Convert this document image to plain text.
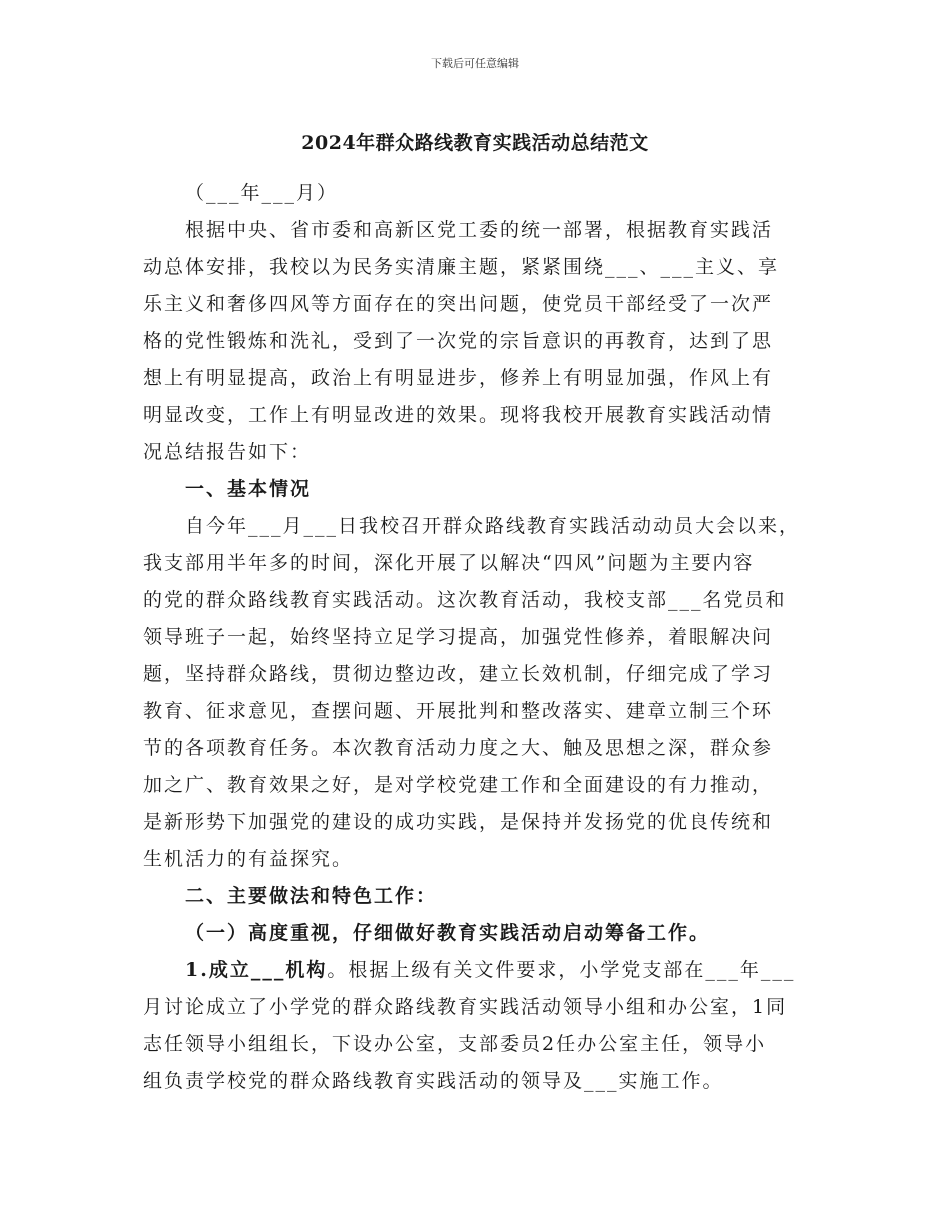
下载后可任意编辑
2024年群众路线教育实践活动总结范文
（___年___月）
根据中央、省市委和高新区党工委的统一部署，根据教育实践活
动总体安排，我校以为民务实清廉主题，紧紧围绕___、___主义、享
乐主义和奢侈四风等方面存在的突出问题，使党员干部经受了一次严
格的党性锻炼和洗礼，受到了一次党的宗旨意识的再教育，达到了思
想上有明显提高，政治上有明显进步，修养上有明显加强，作风上有
明显改变，工作上有明显改进的效果。现将我校开展教育实践活动情
况总结报告如下：
一、基本情况
自今年___月___日我校召开群众路线教育实践活动动员大会以来，
我支部用半年多的时间，深化开展了以解决“四风”问题为主要内容
的党的群众路线教育实践活动。这次教育活动，我校支部___名党员和
领导班子一起，始终坚持立足学习提高，加强党性修养，着眼解决问
题，坚持群众路线，贯彻边整边改，建立长效机制，仔细完成了学习
教育、征求意见，查摆问题、开展批判和整改落实、建章立制三个环
节的各项教育任务。本次教育活动力度之大、触及思想之深，群众参
加之广、教育效果之好，是对学校党建工作和全面建设的有力推动，
是新形势下加强党的建设的成功实践，是保持并发扬党的优良传统和
生机活力的有益探究。
二、主要做法和特色工作：
（一）高度重视，仔细做好教育实践活动启动筹备工作。
1.成立___机构。根据上级有关文件要求，小学党支部在___年___
月讨论成立了小学党的群众路线教育实践活动领导小组和办公室，1同
志任领导小组组长，下设办公室，支部委员2任办公室主任，领导小
组负责学校党的群众路线教育实践活动的领导及___实施工作。
